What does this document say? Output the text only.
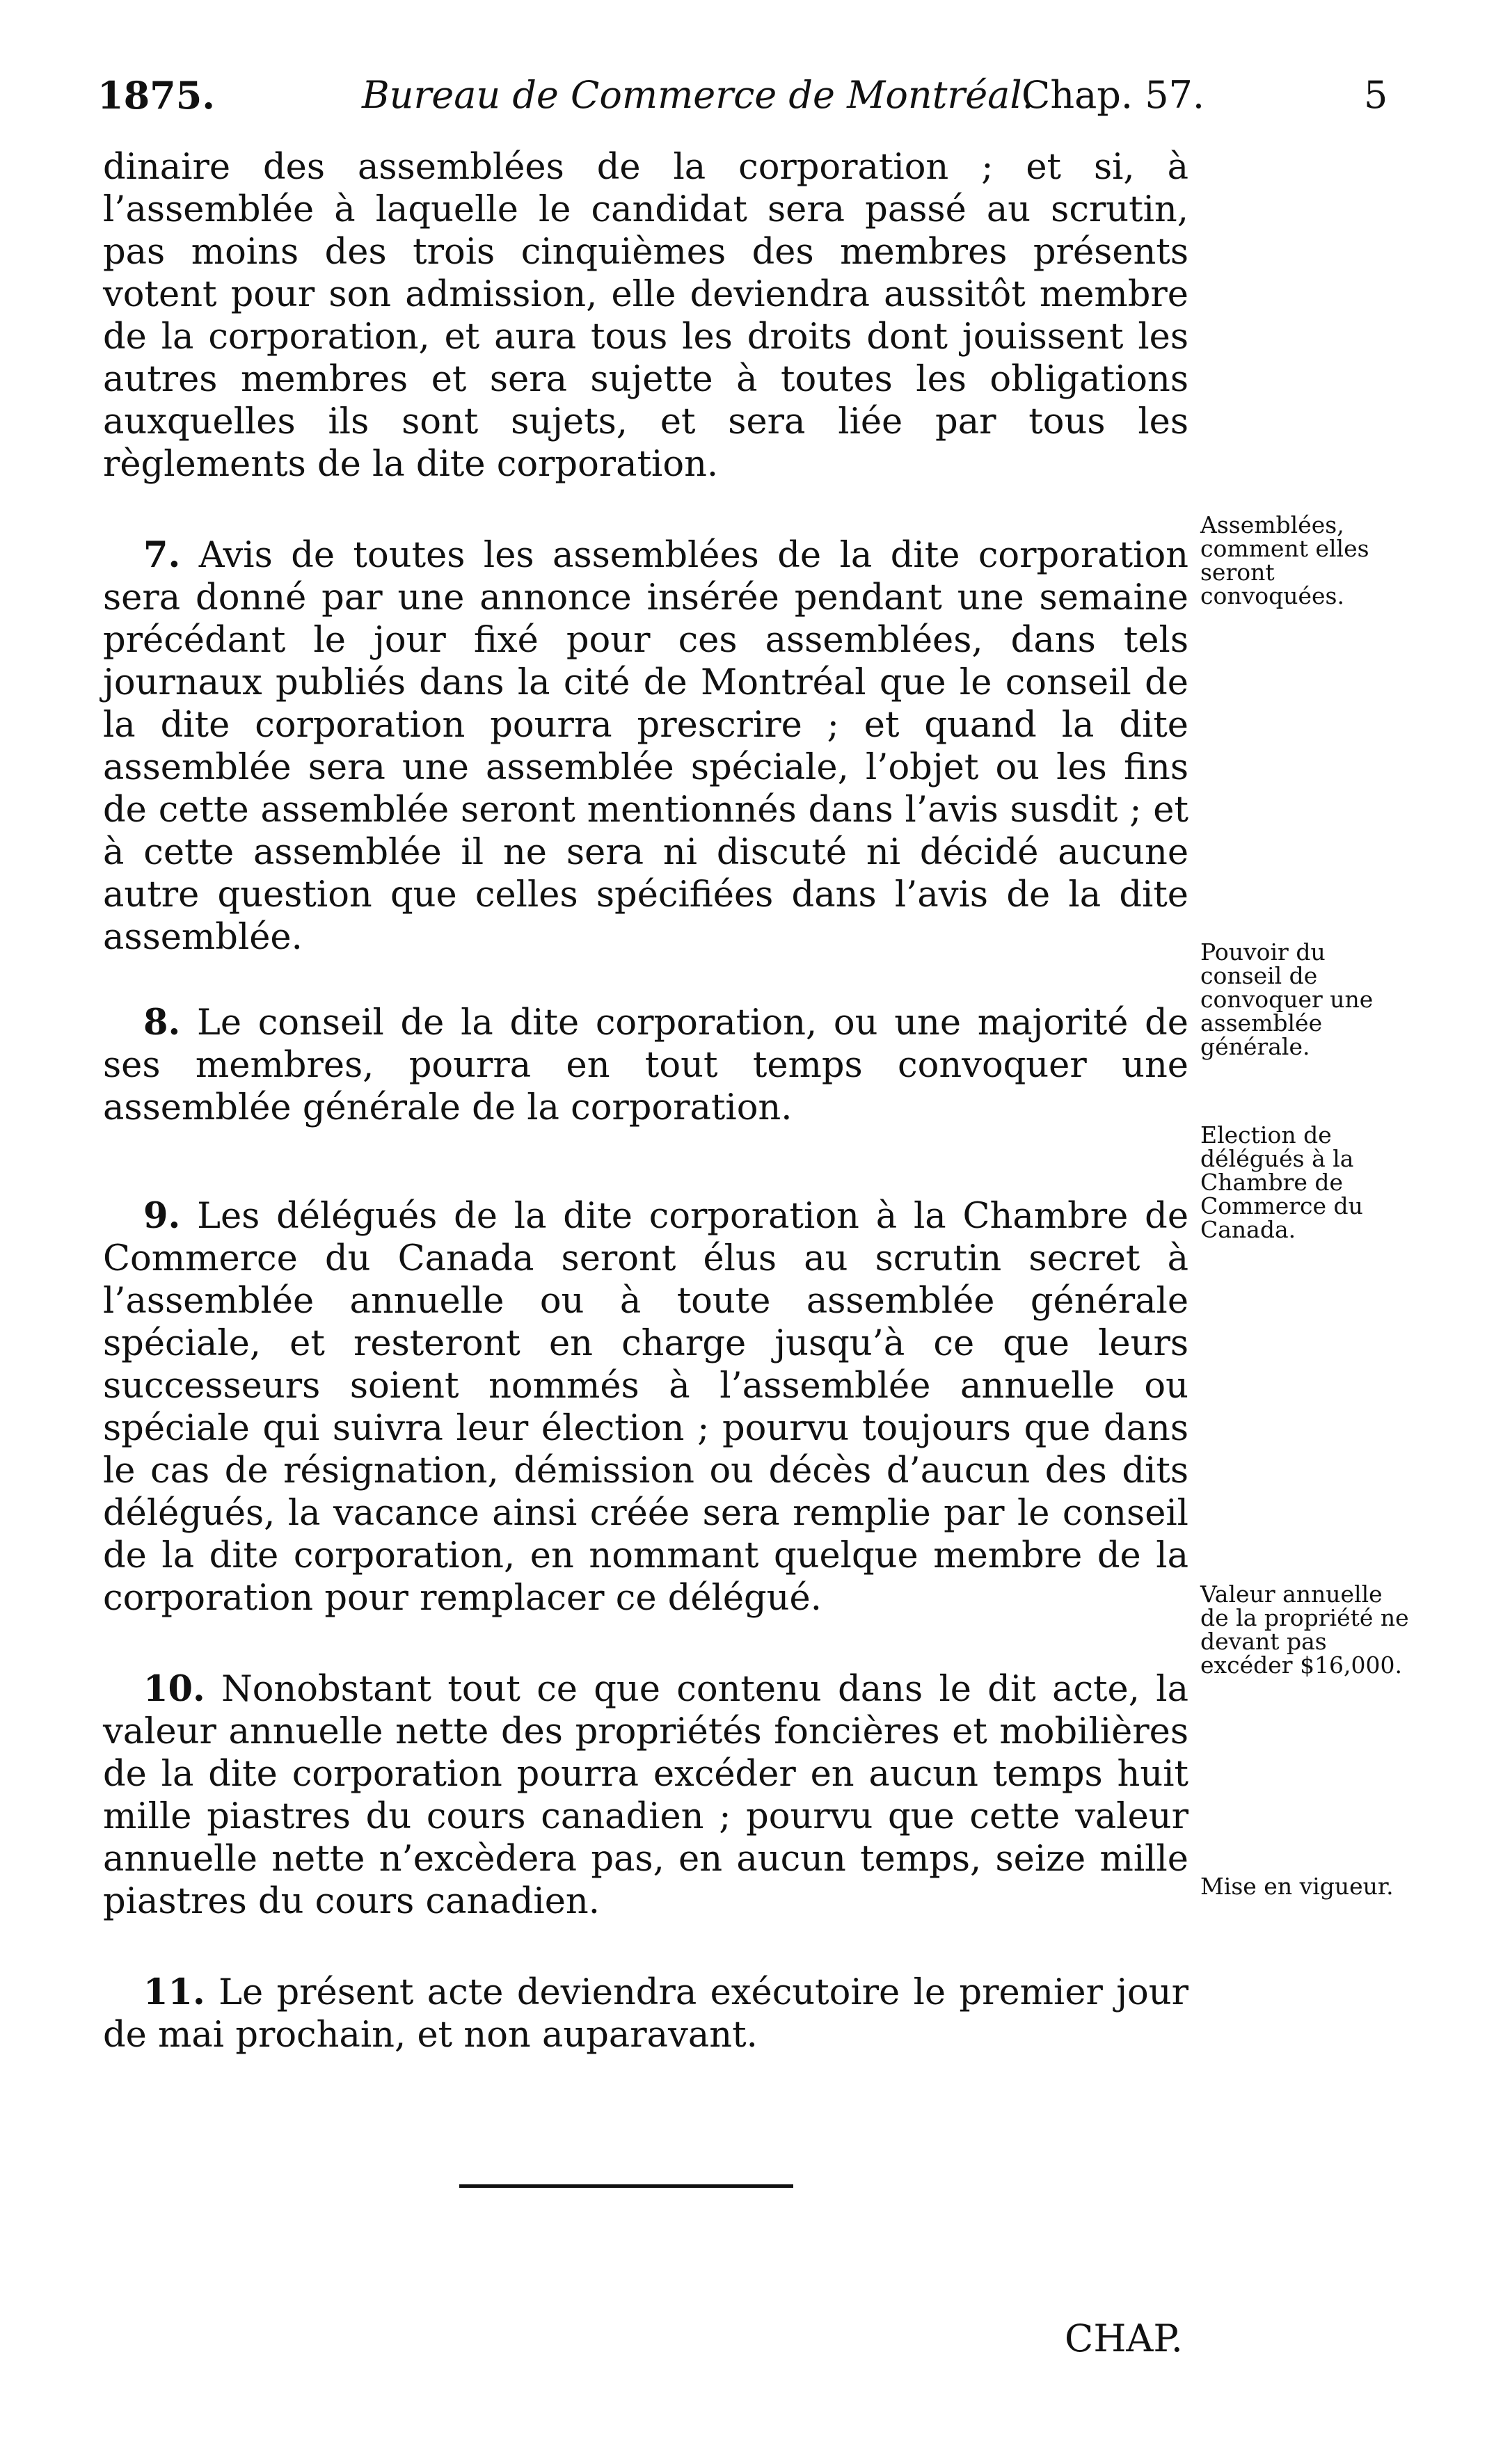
1875.	Bureau de Commerce de Montréal.
Chap. 57.	5

dinaire des assemblées de la corporation ; et si, à l’assemblée à laquelle le candidat sera passé au scrutin, pas moins des trois cinquièmes des membres présents votent pour son admission, elle deviendra aussitôt membre de la corporation, et aura tous les droits dont jouissent les autres membres et sera sujette à toutes les obligations auxquelles ils sont sujets, et sera liée par tous les règlements de la dite corporation.

7. Avis de toutes les assemblées de la dite corporation sera donné par une annonce insérée pendant une semaine précédant le jour fixé pour ces assemblées, dans tels journaux publiés dans la cité de Montréal que le conseil de la dite corporation pourra prescrire ; et quand la dite assemblée sera une assemblée spéciale, l’objet ou les fins de cette assemblée seront mentionnés dans l’avis susdit ; et à cette assemblée il ne sera ni discuté ni décidé aucune autre question que celles spécifiées dans l’avis de la dite assemblée.

8. Le conseil de la dite corporation, ou une majorité de ses membres, pourra en tout temps convoquer une assemblée générale de la corporation.

9. Les délégués de la dite corporation à la Chambre de Commerce du Canada seront élus au scrutin secret à l’assemblée annuelle ou à toute assemblée générale spéciale, et resteront en charge jusqu’à ce que leurs successeurs soient nommés à l’assemblée annuelle ou spéciale qui suivra leur élection ; pourvu toujours que dans le cas de résignation, démission ou décès d’aucun des dits délégués, la vacance ainsi créée sera remplie par le conseil de la dite corporation, en nommant quelque membre de la corporation pour remplacer ce délégué.

10. Nonobstant tout ce que contenu dans le dit acte, la valeur annuelle nette des propriétés foncières et mobilières de la dite corporation pourra excéder en aucun temps huit mille piastres du cours canadien ; pourvu que cette valeur annuelle nette n’excèdera pas, en aucun temps, seize mille piastres du cours canadien.

11. Le présent acte deviendra exécutoire le premier jour de mai prochain, et non auparavant.

Assemblées, comment elles seront convoquées.
Pouvoir du conseil de convoquer une assemblée générale.
Election de délégués à la Chambre de Commerce du Canada.
Valeur annuelle de la propriété ne devant pas excéder $16,000.
Mise en vigueur.
CHAP.
